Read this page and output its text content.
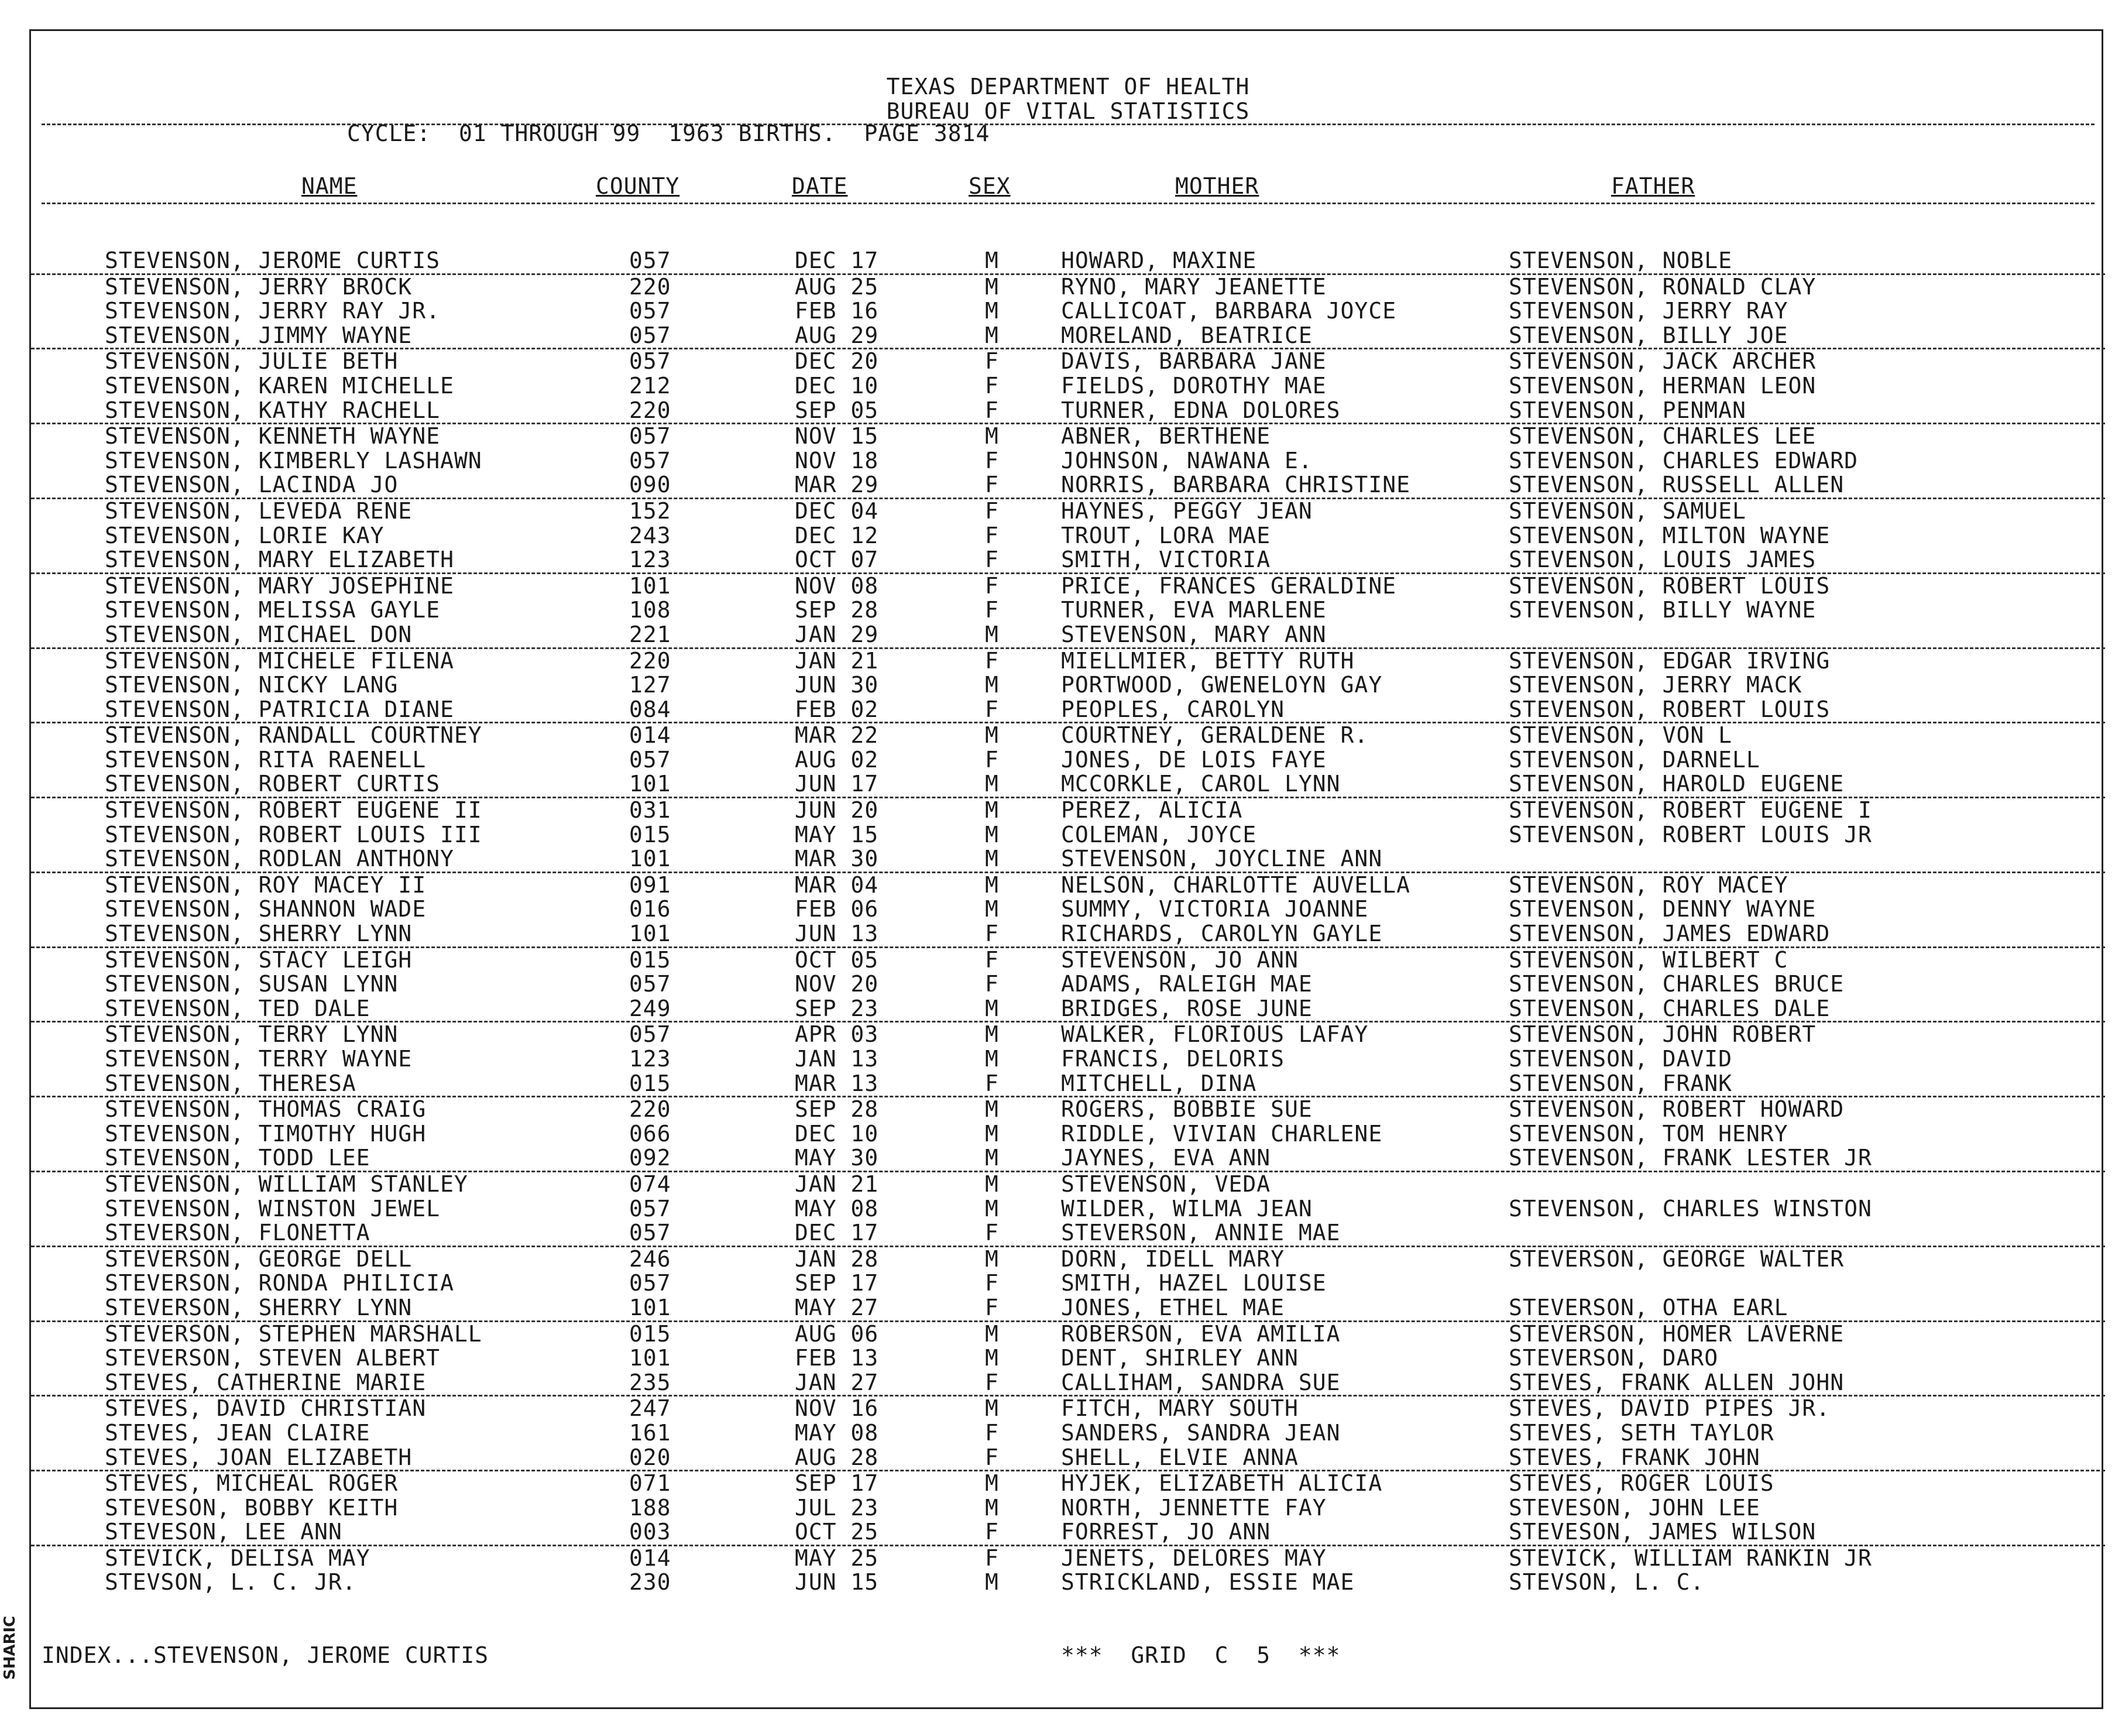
TEXAS DEPARTMENT OF HEALTH
BUREAU OF VITAL STATISTICS
CYCLE:  01 THROUGH 99  1963 BIRTHS.  PAGE 3814
NAME	COUNTY	DATE	SEX	MOTHER	FATHER
STEVENSON, JEROME CURTIS	057	DEC 17	M	HOWARD, MAXINE	STEVENSON, NOBLE
STEVENSON, JERRY BROCK	220	AUG 25	M	RYNO, MARY JEANETTE	STEVENSON, RONALD CLAY
STEVENSON, JERRY RAY JR.	057	FEB 16	M	CALLICOAT, BARBARA JOYCE	STEVENSON, JERRY RAY
STEVENSON, JIMMY WAYNE	057	AUG 29	M	MORELAND, BEATRICE	STEVENSON, BILLY JOE
STEVENSON, JULIE BETH	057	DEC 20	F	DAVIS, BARBARA JANE	STEVENSON, JACK ARCHER
STEVENSON, KAREN MICHELLE	212	DEC 10	F	FIELDS, DOROTHY MAE	STEVENSON, HERMAN LEON
STEVENSON, KATHY RACHELL	220	SEP 05	F	TURNER, EDNA DOLORES	STEVENSON, PENMAN
STEVENSON, KENNETH WAYNE	057	NOV 15	M	ABNER, BERTHENE	STEVENSON, CHARLES LEE
STEVENSON, KIMBERLY LASHAWN	057	NOV 18	F	JOHNSON, NAWANA E.	STEVENSON, CHARLES EDWARD
STEVENSON, LACINDA JO	090	MAR 29	F	NORRIS, BARBARA CHRISTINE	STEVENSON, RUSSELL ALLEN
STEVENSON, LEVEDA RENE	152	DEC 04	F	HAYNES, PEGGY JEAN	STEVENSON, SAMUEL
STEVENSON, LORIE KAY	243	DEC 12	F	TROUT, LORA MAE	STEVENSON, MILTON WAYNE
STEVENSON, MARY ELIZABETH	123	OCT 07	F	SMITH, VICTORIA	STEVENSON, LOUIS JAMES
STEVENSON, MARY JOSEPHINE	101	NOV 08	F	PRICE, FRANCES GERALDINE	STEVENSON, ROBERT LOUIS
STEVENSON, MELISSA GAYLE	108	SEP 28	F	TURNER, EVA MARLENE	STEVENSON, BILLY WAYNE
STEVENSON, MICHAEL DON	221	JAN 29	M	STEVENSON, MARY ANN
STEVENSON, MICHELE FILENA	220	JAN 21	F	MIELLMIER, BETTY RUTH	STEVENSON, EDGAR IRVING
STEVENSON, NICKY LANG	127	JUN 30	M	PORTWOOD, GWENELOYN GAY	STEVENSON, JERRY MACK
STEVENSON, PATRICIA DIANE	084	FEB 02	F	PEOPLES, CAROLYN	STEVENSON, ROBERT LOUIS
STEVENSON, RANDALL COURTNEY	014	MAR 22	M	COURTNEY, GERALDENE R.	STEVENSON, VON L
STEVENSON, RITA RAENELL	057	AUG 02	F	JONES, DE LOIS FAYE	STEVENSON, DARNELL
STEVENSON, ROBERT CURTIS	101	JUN 17	M	MCCORKLE, CAROL LYNN	STEVENSON, HAROLD EUGENE
STEVENSON, ROBERT EUGENE II	031	JUN 20	M	PEREZ, ALICIA	STEVENSON, ROBERT EUGENE I
STEVENSON, ROBERT LOUIS III	015	MAY 15	M	COLEMAN, JOYCE	STEVENSON, ROBERT LOUIS JR
STEVENSON, RODLAN ANTHONY	101	MAR 30	M	STEVENSON, JOYCLINE ANN
STEVENSON, ROY MACEY II	091	MAR 04	M	NELSON, CHARLOTTE AUVELLA	STEVENSON, ROY MACEY
STEVENSON, SHANNON WADE	016	FEB 06	M	SUMMY, VICTORIA JOANNE	STEVENSON, DENNY WAYNE
STEVENSON, SHERRY LYNN	101	JUN 13	F	RICHARDS, CAROLYN GAYLE	STEVENSON, JAMES EDWARD
STEVENSON, STACY LEIGH	015	OCT 05	F	STEVENSON, JO ANN	STEVENSON, WILBERT C
STEVENSON, SUSAN LYNN	057	NOV 20	F	ADAMS, RALEIGH MAE	STEVENSON, CHARLES BRUCE
STEVENSON, TED DALE	249	SEP 23	M	BRIDGES, ROSE JUNE	STEVENSON, CHARLES DALE
STEVENSON, TERRY LYNN	057	APR 03	M	WALKER, FLORIOUS LAFAY	STEVENSON, JOHN ROBERT
STEVENSON, TERRY WAYNE	123	JAN 13	M	FRANCIS, DELORIS	STEVENSON, DAVID
STEVENSON, THERESA	015	MAR 13	F	MITCHELL, DINA	STEVENSON, FRANK
STEVENSON, THOMAS CRAIG	220	SEP 28	M	ROGERS, BOBBIE SUE	STEVENSON, ROBERT HOWARD
STEVENSON, TIMOTHY HUGH	066	DEC 10	M	RIDDLE, VIVIAN CHARLENE	STEVENSON, TOM HENRY
STEVENSON, TODD LEE	092	MAY 30	M	JAYNES, EVA ANN	STEVENSON, FRANK LESTER JR
STEVENSON, WILLIAM STANLEY	074	JAN 21	M	STEVENSON, VEDA
STEVENSON, WINSTON JEWEL	057	MAY 08	M	WILDER, WILMA JEAN	STEVENSON, CHARLES WINSTON
STEVERSON, FLONETTA	057	DEC 17	F	STEVERSON, ANNIE MAE
STEVERSON, GEORGE DELL	246	JAN 28	M	DORN, IDELL MARY	STEVERSON, GEORGE WALTER
STEVERSON, RONDA PHILICIA	057	SEP 17	F	SMITH, HAZEL LOUISE
STEVERSON, SHERRY LYNN	101	MAY 27	F	JONES, ETHEL MAE	STEVERSON, OTHA EARL
STEVERSON, STEPHEN MARSHALL	015	AUG 06	M	ROBERSON, EVA AMILIA	STEVERSON, HOMER LAVERNE
STEVERSON, STEVEN ALBERT	101	FEB 13	M	DENT, SHIRLEY ANN	STEVERSON, DARO
STEVES, CATHERINE MARIE	235	JAN 27	F	CALLIHAM, SANDRA SUE	STEVES, FRANK ALLEN JOHN
STEVES, DAVID CHRISTIAN	247	NOV 16	M	FITCH, MARY SOUTH	STEVES, DAVID PIPES JR.
STEVES, JEAN CLAIRE	161	MAY 08	F	SANDERS, SANDRA JEAN	STEVES, SETH TAYLOR
STEVES, JOAN ELIZABETH	020	AUG 28	F	SHELL, ELVIE ANNA	STEVES, FRANK JOHN
STEVES, MICHEAL ROGER	071	SEP 17	M	HYJEK, ELIZABETH ALICIA	STEVES, ROGER LOUIS
STEVESON, BOBBY KEITH	188	JUL 23	M	NORTH, JENNETTE FAY	STEVESON, JOHN LEE
STEVESON, LEE ANN	003	OCT 25	F	FORREST, JO ANN	STEVESON, JAMES WILSON
STEVICK, DELISA MAY	014	MAY 25	F	JENETS, DELORES MAY	STEVICK, WILLIAM RANKIN JR
STEVSON, L. C. JR.	230	JUN 15	M	STRICKLAND, ESSIE MAE	STEVSON, L. C.
INDEX...STEVENSON, JEROME CURTIS	***  GRID  C  5  ***
SHARIC
